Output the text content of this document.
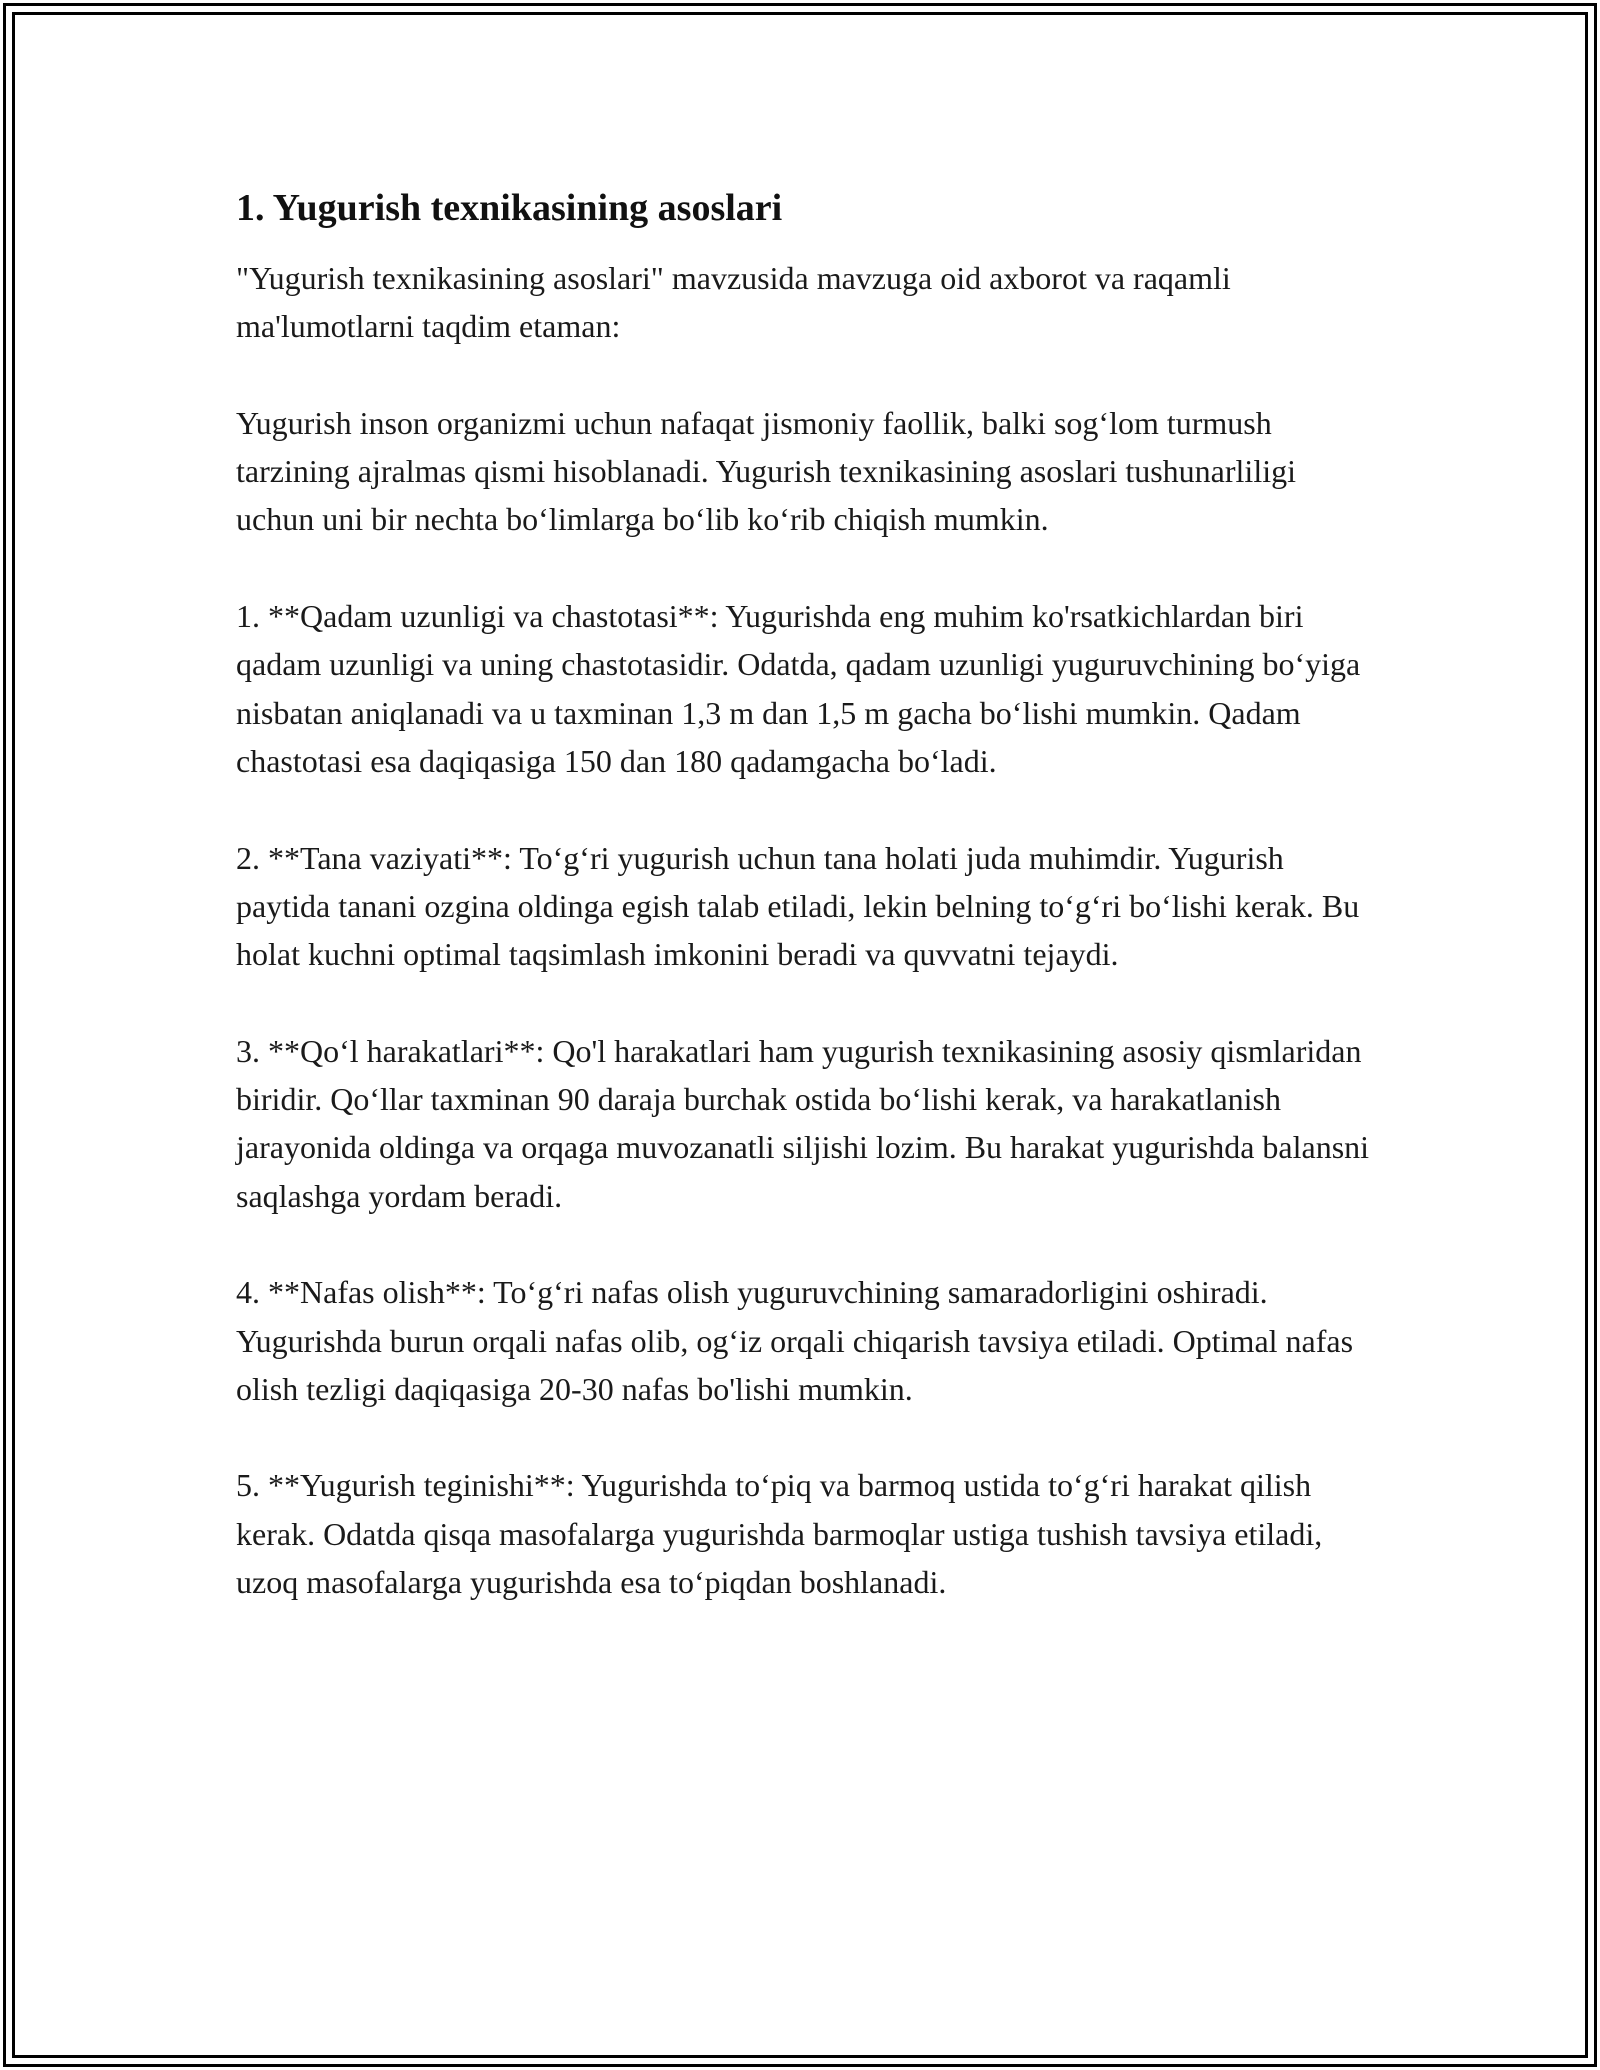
1. Yugurish texnikasining asoslari

"Yugurish texnikasining asoslari" mavzusida mavzuga oid axborot va raqamli ma'lumotlarni taqdim etaman:

Yugurish inson organizmi uchun nafaqat jismoniy faollik, balki sog‘lom turmush tarzining ajralmas qismi hisoblanadi. Yugurish texnikasining asoslari tushunarliligi uchun uni bir nechta bo‘limlarga bo‘lib ko‘rib chiqish mumkin.

1. **Qadam uzunligi va chastotasi**: Yugurishda eng muhim ko'rsatkichlardan biri qadam uzunligi va uning chastotasidir. Odatda, qadam uzunligi yuguruvchining bo‘yiga nisbatan aniqlanadi va u taxminan 1,3 m dan 1,5 m gacha bo‘lishi mumkin. Qadam chastotasi esa daqiqasiga 150 dan 180 qadamgacha bo‘ladi.

2. **Tana vaziyati**: To‘g‘ri yugurish uchun tana holati juda muhimdir. Yugurish paytida tanani ozgina oldinga egish talab etiladi, lekin belning to‘g‘ri bo‘lishi kerak. Bu holat kuchni optimal taqsimlash imkonini beradi va quvvatni tejaydi.

3. **Qo‘l harakatlari**: Qo'l harakatlari ham yugurish texnikasining asosiy qismlaridan biridir. Qo‘llar taxminan 90 daraja burchak ostida bo‘lishi kerak, va harakatlanish jarayonida oldinga va orqaga muvozanatli siljishi lozim. Bu harakat yugurishda balansni saqlashga yordam beradi.

4. **Nafas olish**: To‘g‘ri nafas olish yuguruvchining samaradorligini oshiradi. Yugurishda burun orqali nafas olib, og‘iz orqali chiqarish tavsiya etiladi. Optimal nafas olish tezligi daqiqasiga 20-30 nafas bo'lishi mumkin.

5. **Yugurish teginishi**: Yugurishda to‘piq va barmoq ustida to‘g‘ri harakat qilish kerak. Odatda qisqa masofalarga yugurishda barmoqlar ustiga tushish tavsiya etiladi, uzoq masofalarga yugurishda esa to‘piqdan boshlanadi.
